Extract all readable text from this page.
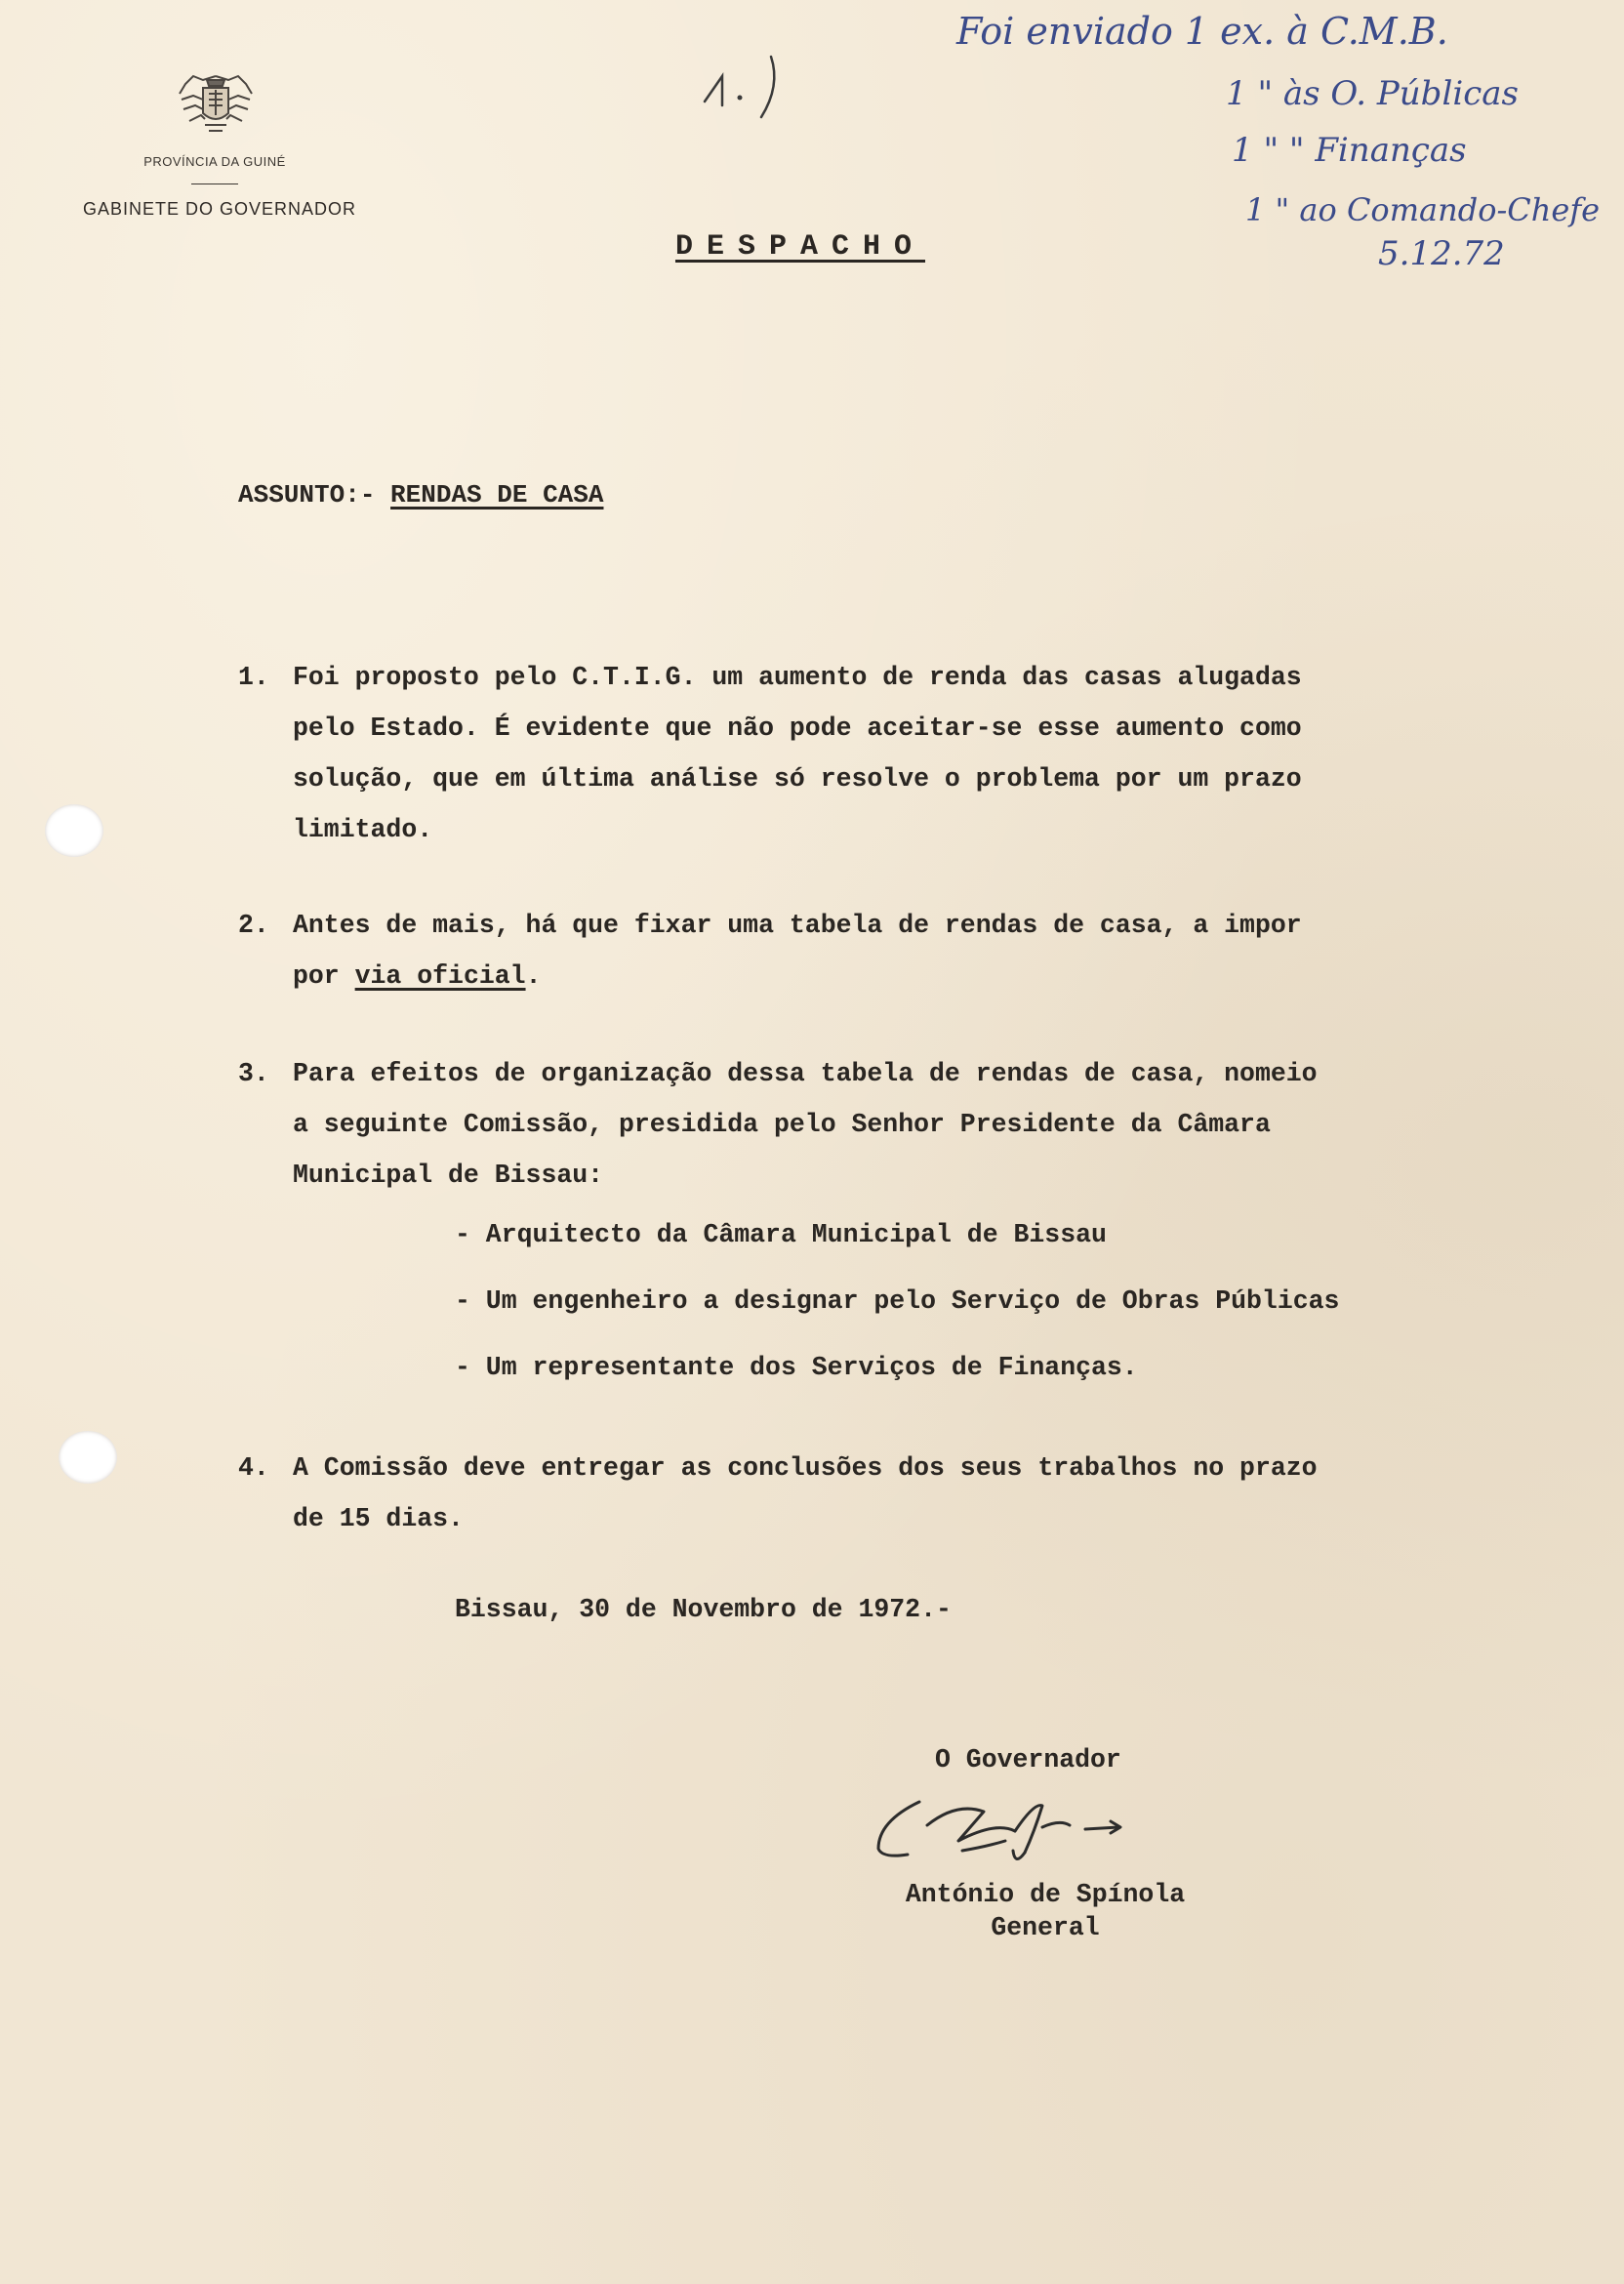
PROVÍNCIA DA GUINÉ
GABINETE DO GOVERNADOR
Foi enviado 1 ex. à C.M.B.
1 " às O. Públicas
1 " " Finanças
1 " ao Comando-Chefe
5.12.72
DESPACHO
ASSUNTO:- RENDAS DE CASA
1. Foi proposto pelo C.T.I.G. um aumento de renda das casas alugadas
pelo Estado. É evidente que não pode aceitar-se esse aumento como
solução, que em última análise só resolve o problema por um prazo
limitado.
2. Antes de mais, há que fixar uma tabela de rendas de casa, a impor
por via oficial.
3. Para efeitos de organização dessa tabela de rendas de casa, nomeio
a seguinte Comissão, presidida pelo Senhor Presidente da Câmara
Municipal de Bissau:
- Arquitecto da Câmara Municipal de Bissau
- Um engenheiro a designar pelo Serviço de Obras Públicas
- Um representante dos Serviços de Finanças.
4. A Comissão deve entregar as conclusões dos seus trabalhos no prazo
de 15 dias.
Bissau, 30 de Novembro de 1972.-
O Governador
António de Spínola
General
